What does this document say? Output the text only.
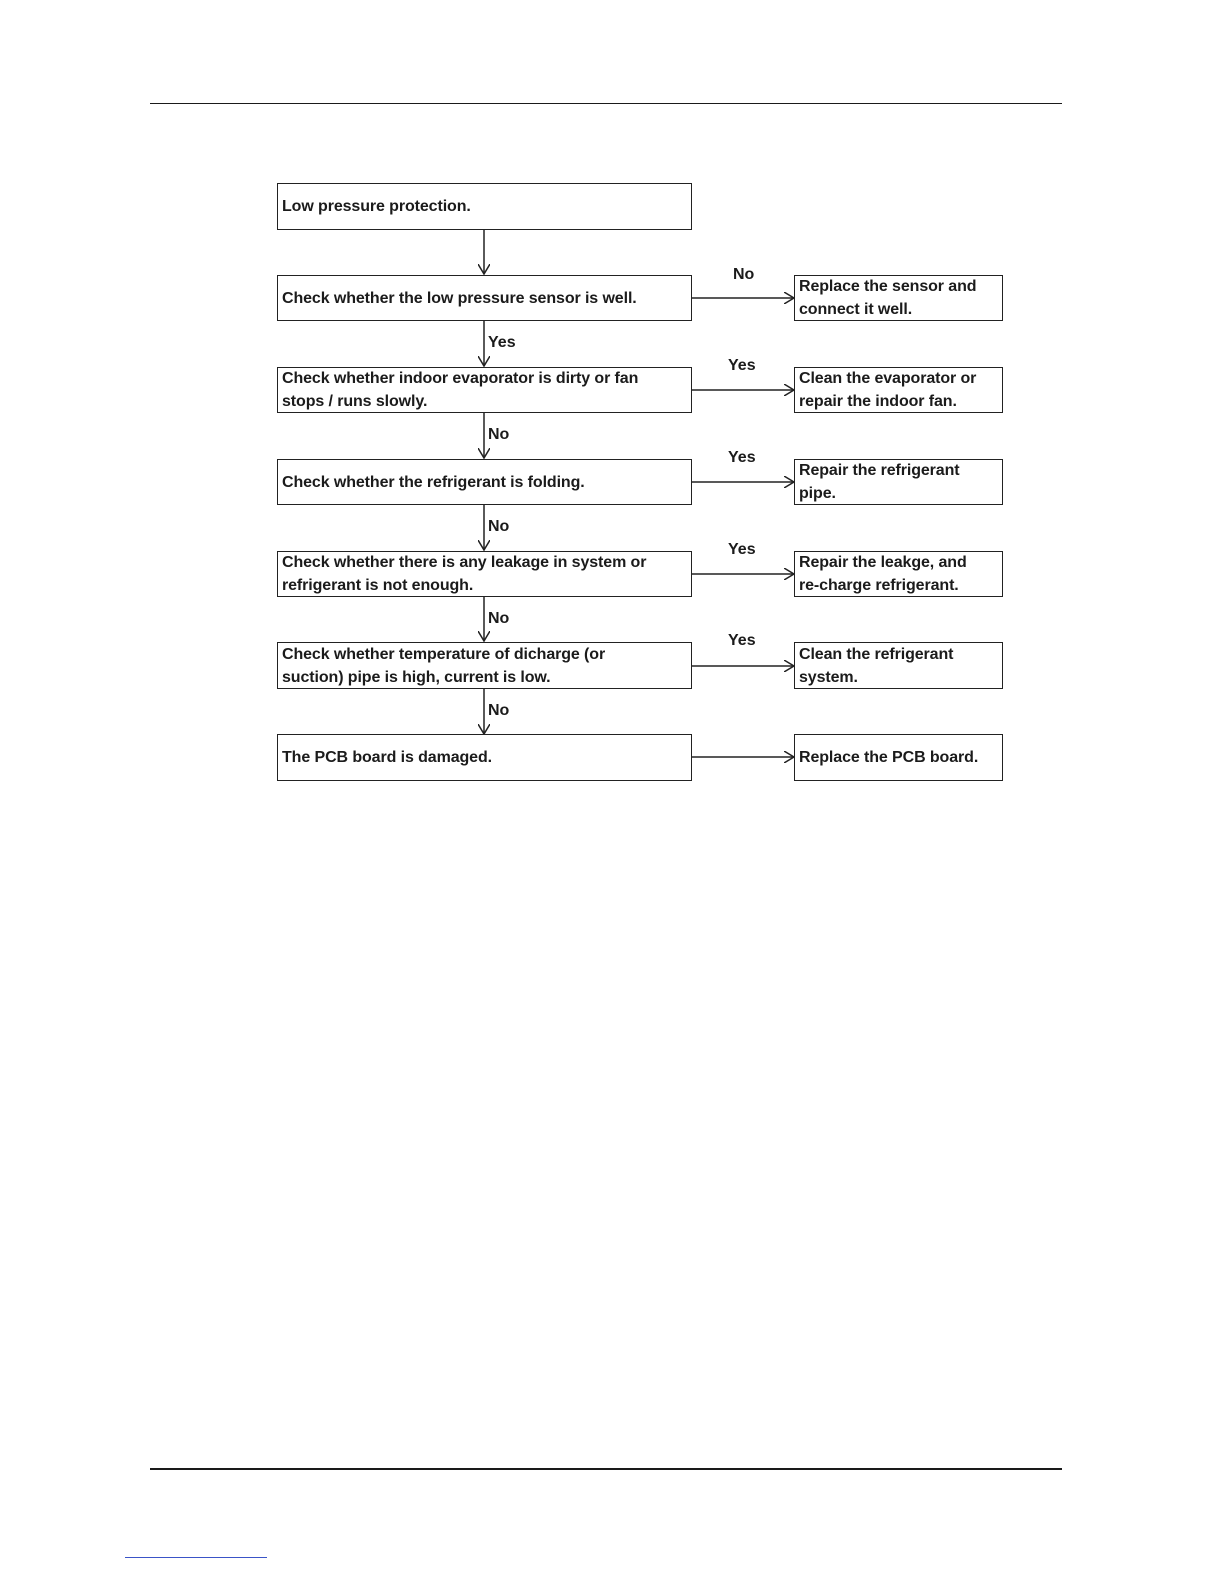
Low pressure protection.
Check whether the low pressure sensor is well.
Check whether indoor evaporator is dirty or fan
stops / runs slowly.
Check whether the refrigerant is folding.
Check whether there is any leakage in system or
refrigerant is not enough.
Check whether temperature of dicharge (or
suction) pipe is high, current is low.
The PCB board is damaged.
Replace the sensor and
connect it well.
Clean the evaporator or
repair the indoor fan.
Repair the refrigerant
pipe.
Repair the leakge, and
re-charge refrigerant.
Clean the refrigerant
system.
Replace the PCB board.
No
Yes
Yes
Yes
Yes
Yes
No
No
No
No
